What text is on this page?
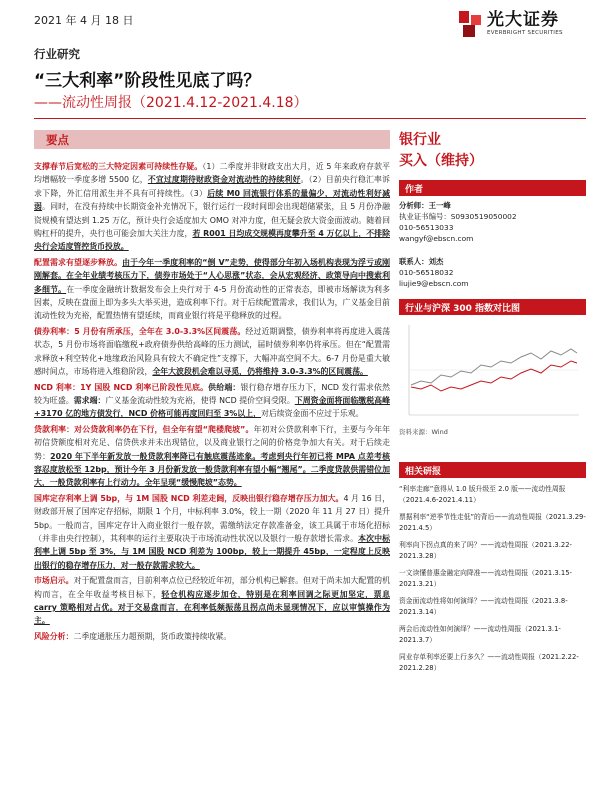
2021 年 4 月 18 日	光大证券
EVERBRIGHT SECURITIES
行业研究
“三大利率”阶段性见底了吗？
——流动性周报（2021.4.12-2021.4.18）
要点

支撑春节后宽松的三大特定因素可持续性存疑。（1）二季度并非财政支出大月，近 5 年来政府存款平均增幅较一季度多增 5500 亿，不宜过度期待财政资金对流动性的持续利好。（2）目前央行稳汇率诉求下降，外汇信用派生并不具有可持续性。（3）后续 M0 回流银行体系的量偏少，对流动性利好减弱。同时，在没有持续中长期资金补充情况下，银行运行一段时间即会出现超储紧张，且 5 月份净融资规模有望达到 1.25 万亿，预计央行会适度加大 OMO 对冲力度，但无疑会放大资金面波动。随着回购杠杆的提升，央行也可能会加大关注力度，若 R001 日均成交规模再度攀升至 4 万亿以上，不排除央行会适度管控货币投放。

配置需求有望逐步释放。由于今年一季度利率的“倒 V”走势，使得部分年初入场机构表现为浮亏或刚刚解套。在全年业绩考核压力下，债券市场处于“人心思涨”状态，会从宏观经济、政策导向中搜索利多细节。在一季度金融统计数据发布会上央行对于 4-5 月份流动性的正常表态，即被市场解读为利多因素，反映在盘面上即为多头大举买进，造成利率下行。对于后续配置需求，我们认为，广义基金目前流动性较为充裕，配置热情有望延续，而商业银行将是平稳释放的过程。

债券利率：5 月份有所承压，全年在 3.0-3.3%区间震荡。经过近期调整，债券利率将再度进入震荡状态，5 月份市场将面临缴税+政府债券供给高峰的压力测试，届时债券利率仍将承压。但在“配置需求释放+利空转化+地缘政治风险具有较大不确定性”支撑下，大幅冲高空间不大。6-7 月份是重大敏感时间点，市场将进入维稳阶段，全年大波段机会难以寻觅，仍将维持 3.0-3.3%的区间震荡。

NCD 利率：1Y 国股 NCD 利率已阶段性见底。供给端：银行稳存增存压力下，NCD 发行需求依然较为旺盛。需求端：广义基金流动性较为充裕，使得 NCD 提价空间受限。下周资金面将面临缴税高峰+3170 亿的地方债发行，NCD 价格可能再度回归至 3%以上，对后续资金面不应过于乐观。

贷款利率：对公贷款利率仍在下行，但全年有望“爬楼爬坡”。年初对公贷款利率下行，主要与今年年初信贷额度相对充足、信贷供求并未出现错位，以及商业银行之间的价格竞争加大有关。对于后续走势：2020 年下半年新发放一般贷款利率降已有触底震荡迹象。考虑到央行年初已将 MPA 点差考核容忍度放松至 12bp，预计今年 3 月份新发放一般贷款利率有望小幅“翘尾”。二季度贷款供需错位加大，一般贷款利率有上行动力。全年呈现“缓慢爬坡”态势。

国库定存利率上调 5bp，与 1M 国股 NCD 利差走阔，反映出银行稳存增存压力加大。4 月 16 日，财政部开展了国库定存招标，期限 1 个月，中标利率 3.0%，较上一期（2020 年 11 月 27 日）提升 5bp。一般而言，国库定存计入商业银行一般存款，需缴纳法定存款准备金，该工具属于市场化招标（并非由央行控制），其利率的运行主要取决于市场流动性状况以及银行一般存款增长需求。本次中标利率上调 5bp 至 3%，与 1M 国股 NCD 利差为 100bp，较上一期提升 45bp，一定程度上反映出银行的稳存增存压力，对一般存款需求较大。

市场启示。对于配置盘而言，目前利率点位已经较近年初，部分机构已解套。但对于尚未加大配置的机构而言，在全年收益考核目标下，轻仓机构应逐步加仓，特别是在利率回调之际更加坚定，票息 carry 策略相对占优。对于交易盘而言，在利率低频振荡且拐点尚未显现情况下，应以审慎操作为主。

风险分析：二季度通胀压力超预期，货币政策持续收紧。

银行业
买入（维持）
作者
分析师：王一峰
执业证书编号：S0930519050002
010-56513033
wangyf@ebscn.com
联系人：刘杰
010-56518032
liujie9@ebscn.com
行业与沪深 300 指数对比图
资料来源：Wind
相关研报
“利率走廊”意得从 1.0 版升级至 2.0 版——流动性周报（2021.4.6-2021.4.11）
票据利率“逆季节性走低”的背后——流动性周报（2021.3.29-2021.4.5）
利率向下拐点真的来了吗？——流动性周报（2021.3.22-2021.3.28）
一文读懂普惠金融定向降准——流动性周报（2021.3.15-2021.3.21）
资金面流动性将如何演绎？——流动性周报（2021.3.8-2021.3.14）
两会后流动性如何演绎？——流动性周报（2021.3.1-2021.3.7）
同业存单利率还要上行多久？——流动性周报（2021.2.22-2021.2.28）
